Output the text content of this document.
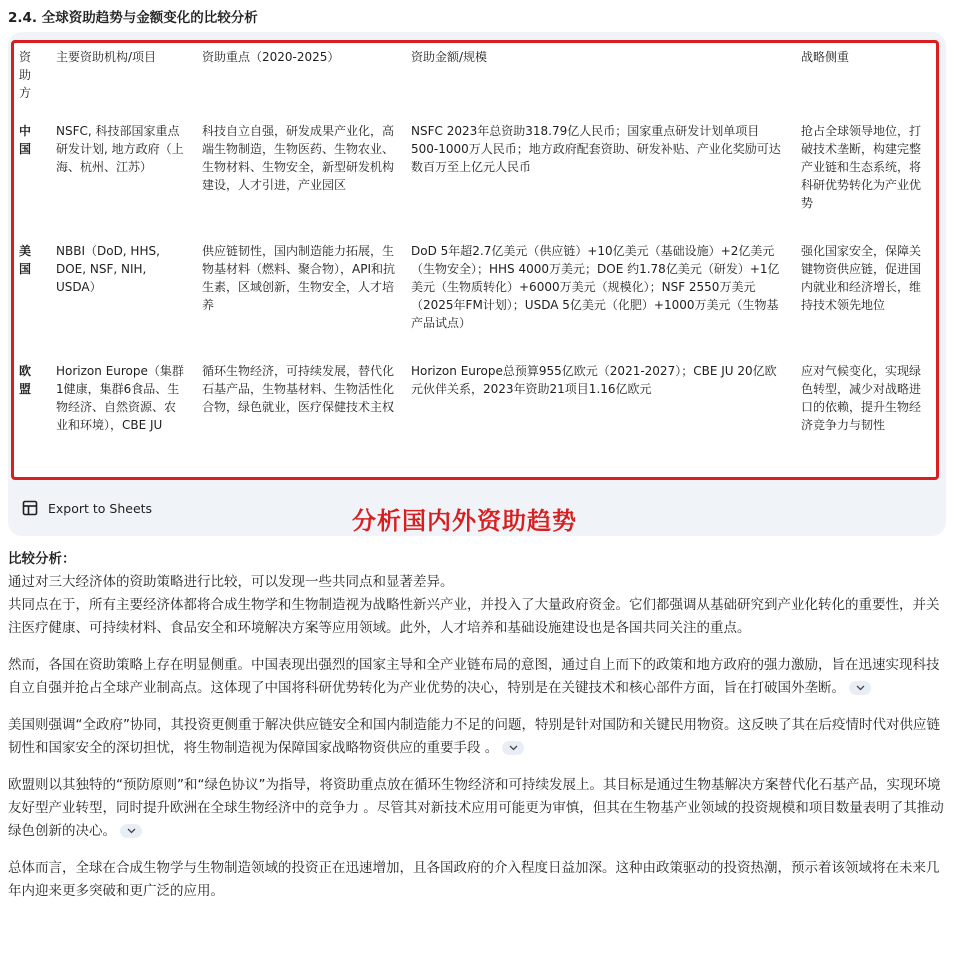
2.4. 全球资助趋势与金额变化的比较分析
资助方	主要资助机构/项目	资助重点（2020-2025）	资助金额/规模	战略侧重
中国	NSFC, 科技部国家重点研发计划, 地方政府（上海、杭州、江苏）	科技自立自强，研发成果产业化，高端生物制造，生物医药、生物农业、生物材料、生物安全，新型研发机构建设，人才引进，产业园区	NSFC 2023年总资助318.79亿人民币；国家重点研发计划单项目500-1000万人民币；地方政府配套资助、研发补贴、产业化奖励可达数百万至上亿元人民币	抢占全球领导地位，打破技术垄断，构建完整产业链和生态系统，将科研优势转化为产业优势
美国	NBBI（DoD, HHS, DOE, NSF, NIH, USDA）	供应链韧性，国内制造能力拓展，生物基材料（燃料、聚合物），API和抗生素，区域创新，生物安全，人才培养	DoD 5年超2.7亿美元（供应链）+10亿美元（基础设施）+2亿美元（生物安全）；HHS 4000万美元；DOE 约1.78亿美元（研发）+1亿美元（生物质转化）+6000万美元（规模化）；NSF 2550万美元（2025年FM计划）；USDA 5亿美元（化肥）+1000万美元（生物基产品试点）	强化国家安全，保障关键物资供应链，促进国内就业和经济增长，维持技术领先地位
欧盟	Horizon Europe（集群1健康，集群6食品、生物经济、自然资源、农业和环境），CBE JU	循环生物经济，可持续发展，替代化石基产品，生物基材料、生物活性化合物，绿色就业，医疗保健技术主权	Horizon Europe总预算955亿欧元（2021-2027）；CBE JU 20亿欧元伙伴关系，2023年资助21项目1.16亿欧元	应对气候变化，实现绿色转型，减少对战略进口的依赖，提升生物经济竞争力与韧性
Export to Sheets	分析国内外资助趋势

比较分析：

通过对三大经济体的资助策略进行比较，可以发现一些共同点和显著差异。

共同点在于，所有主要经济体都将合成生物学和生物制造视为战略性新兴产业，并投入了大量政府资金。它们都强调从基础研究到产业化转化的重要性，并关注医疗健康、可持续材料、食品安全和环境解决方案等应用领域。此外，人才培养和基础设施建设也是各国共同关注的重点。

然而，各国在资助策略上存在明显侧重。中国表现出强烈的国家主导和全产业链布局的意图，通过自上而下的政策和地方政府的强力激励，旨在迅速实现科技自立自强并抢占全球产业制高点。这体现了中国将科研优势转化为产业优势的决心，特别是在关键技术和核心部件方面，旨在打破国外垄断。

美国则强调“全政府”协同，其投资更侧重于解决供应链安全和国内制造能力不足的问题，特别是针对国防和关键民用物资。这反映了其在后疫情时代对供应链韧性和国家安全的深切担忧，将生物制造视为保障国家战略物资供应的重要手段 。

欧盟则以其独特的“预防原则”和“绿色协议”为指导，将资助重点放在循环生物经济和可持续发展上。其目标是通过生物基解决方案替代化石基产品，实现环境友好型产业转型，同时提升欧洲在全球生物经济中的竞争力 。尽管其对新技术应用可能更为审慎，但其在生物基产业领域的投资规模和项目数量表明了其推动绿色创新的决心。

总体而言，全球在合成生物学与生物制造领域的投资正在迅速增加，且各国政府的介入程度日益加深。这种由政策驱动的投资热潮，预示着该领域将在未来几年内迎来更多突破和更广泛的应用。
